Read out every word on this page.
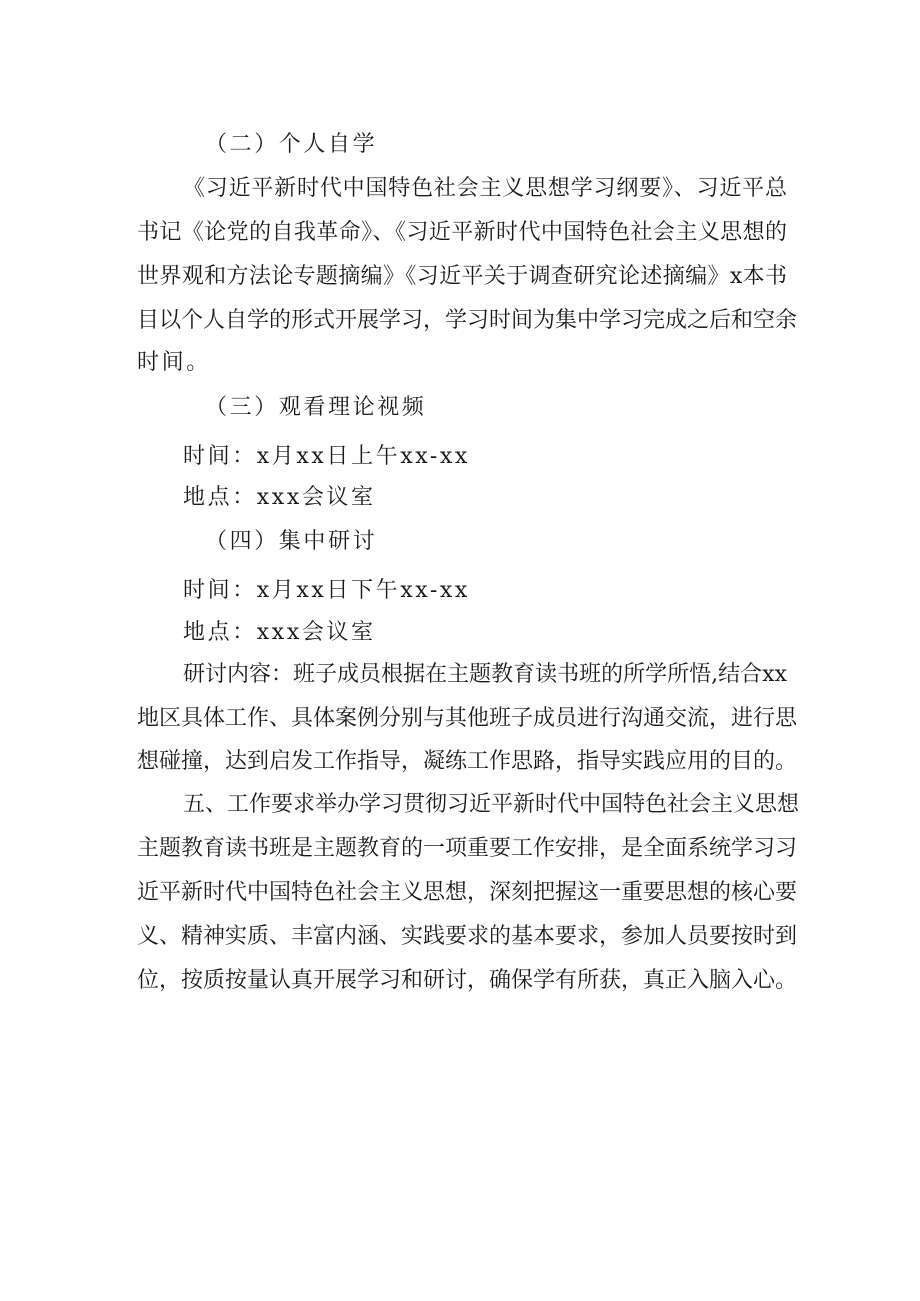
（二）个人自学
《习近平新时代中国特色社会主义思想学习纲要》、习近平总
书记《论党的自我革命》、《习近平新时代中国特色社会主义思想的
世界观和方法论专题摘编》《习近平关于调查研究论述摘编》x本书
目以个人自学的形式开展学习，学习时间为集中学习完成之后和空余
时间。
（三）观看理论视频
时间：x月xx日上午xx-xx
地点：xxx会议室
（四）集中研讨
时间：x月xx日下午xx-xx
地点：xxx会议室
研讨内容：班子成员根据在主题教育读书班的所学所悟,结合xx
地区具体工作、具体案例分别与其他班子成员进行沟通交流，进行思
想碰撞，达到启发工作指导，凝练工作思路，指导实践应用的目的。
五、工作要求举办学习贯彻习近平新时代中国特色社会主义思想
主题教育读书班是主题教育的一项重要工作安排，是全面系统学习习
近平新时代中国特色社会主义思想，深刻把握这一重要思想的核心要
义、精神实质、丰富内涵、实践要求的基本要求，参加人员要按时到
位，按质按量认真开展学习和研讨，确保学有所获，真正入脑入心。
